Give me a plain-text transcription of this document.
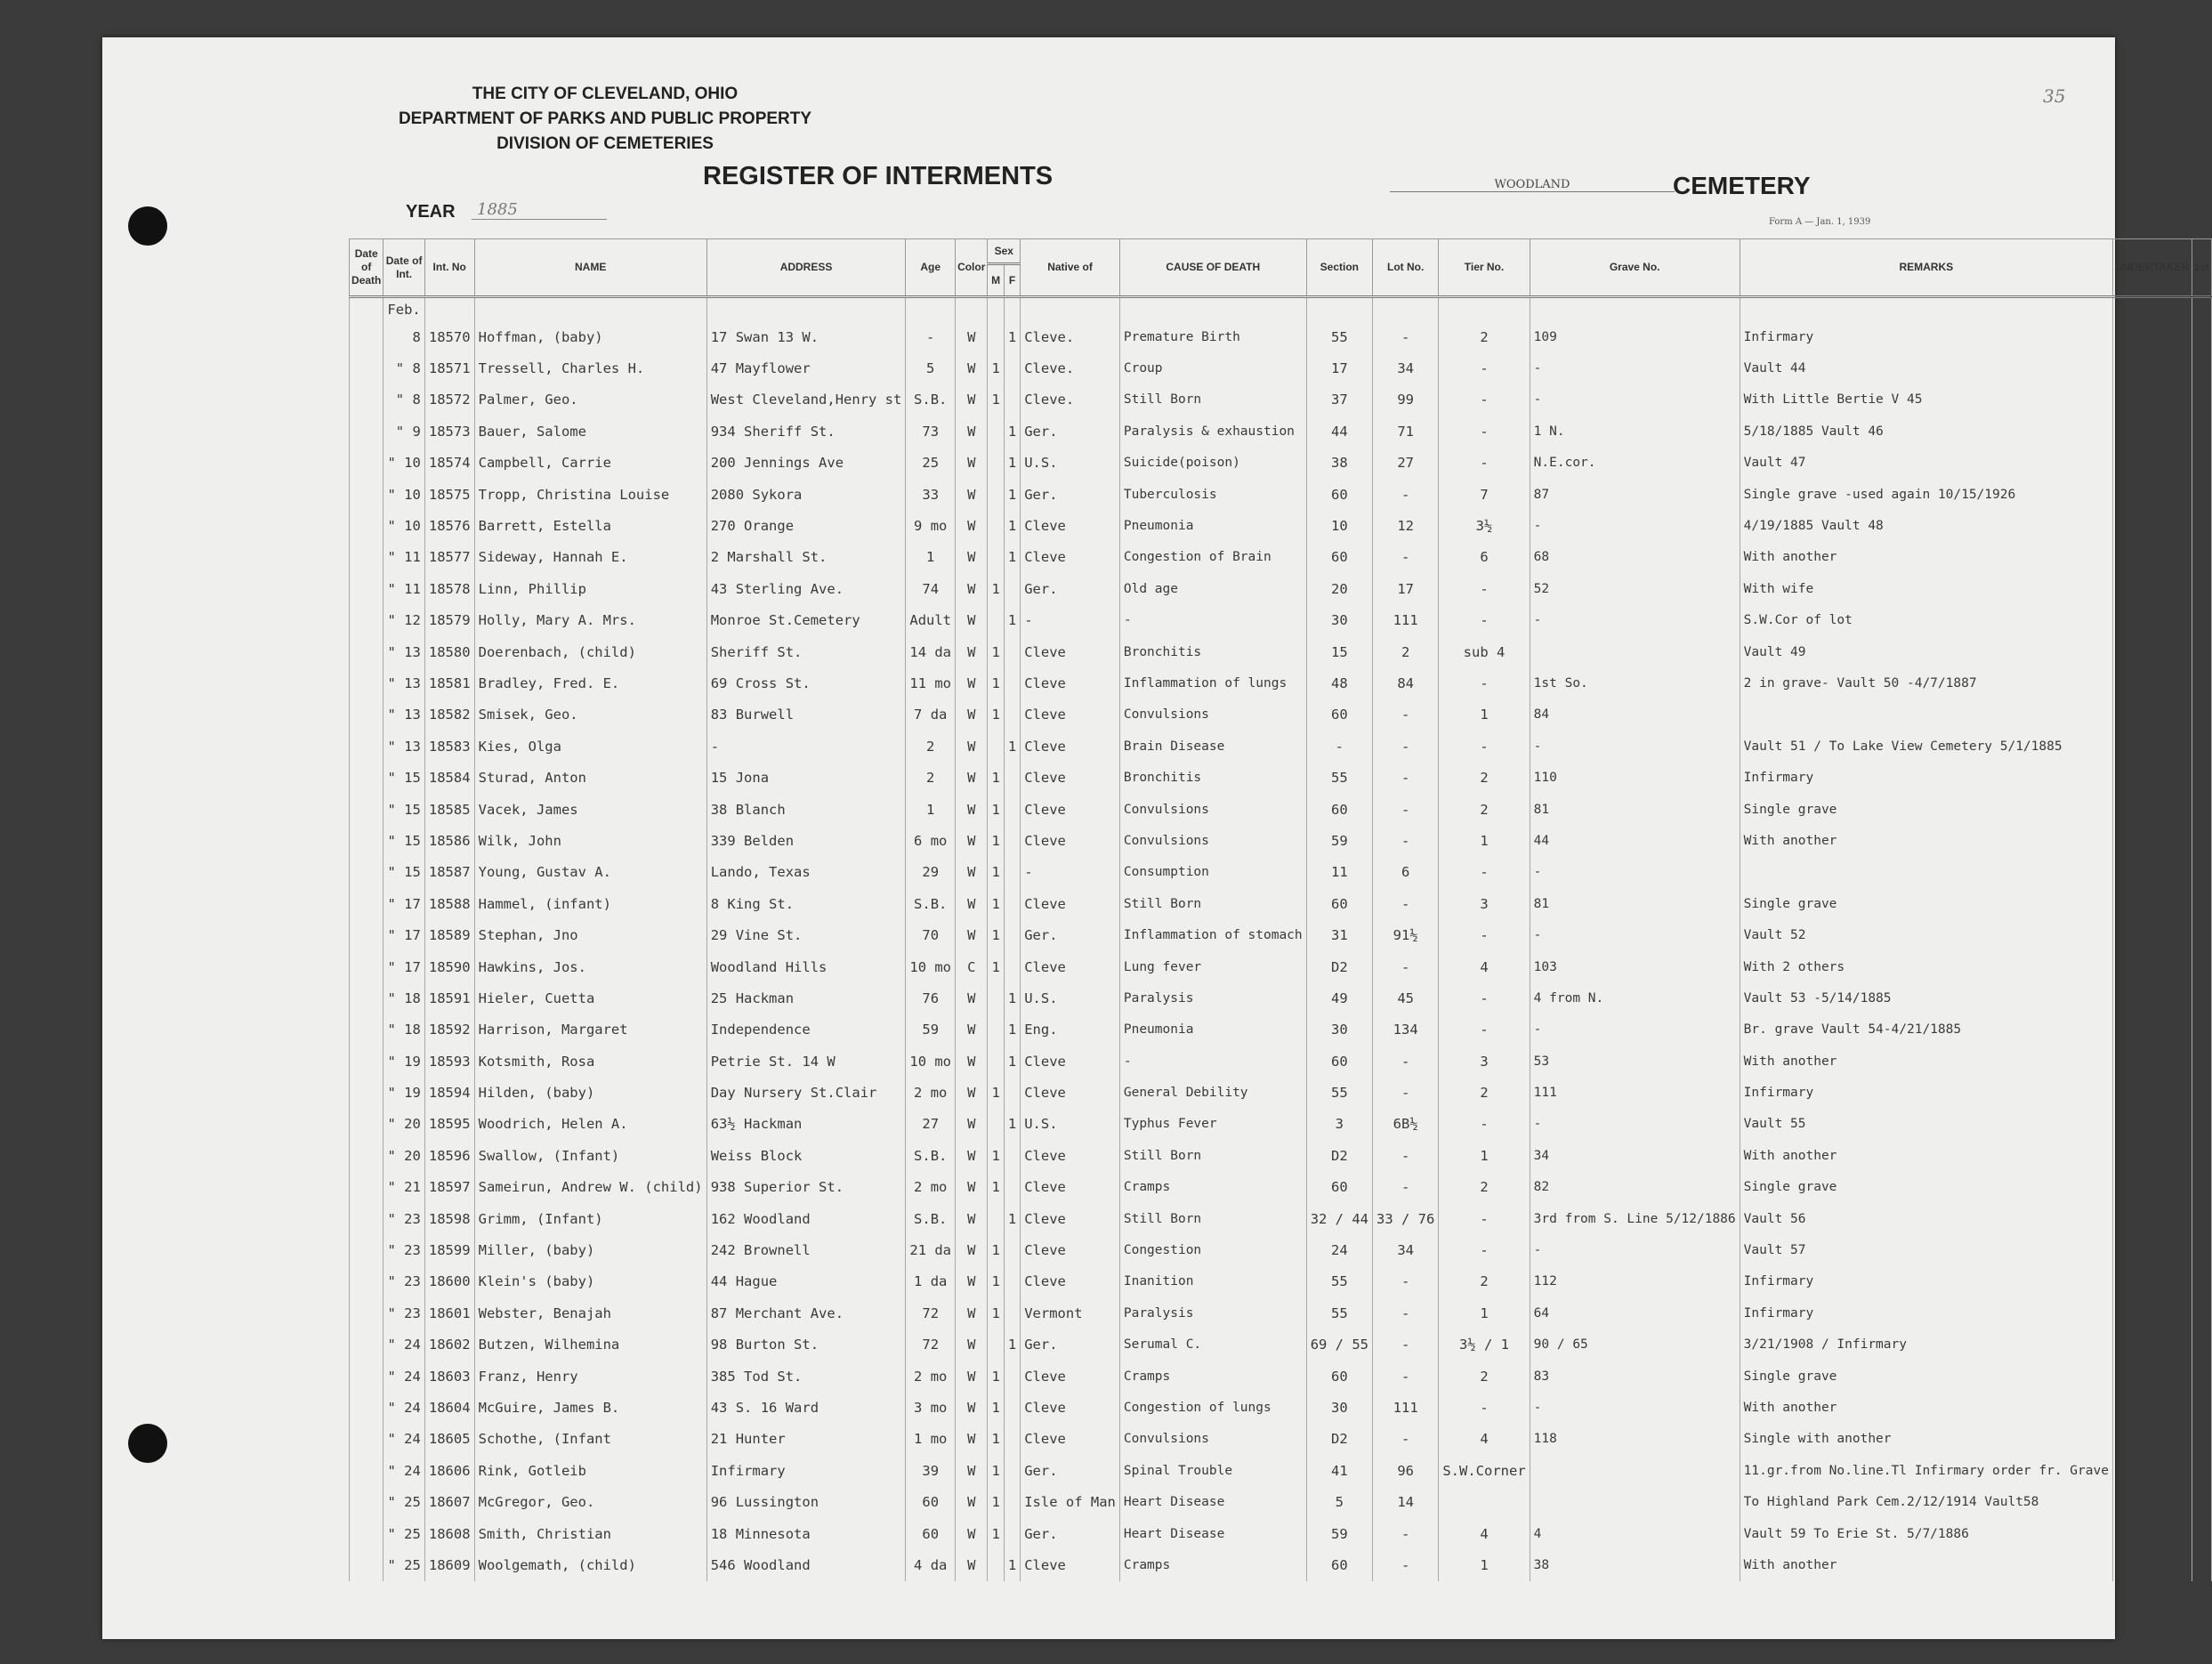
THE CITY OF CLEVELAND, OHIO
DEPARTMENT OF PARKS AND PUBLIC PROPERTY
DIVISION OF CEMETERIES
REGISTER OF INTERMENTS
YEAR	1885
WOODLAND	CEMETERY
Form A — Jan. 1, 1939
35
Date of Death	Date of Int.	Int. No	NAME	ADDRESS	Age	Color	Sex		Native of	CAUSE OF DEATH	Section	Lot No.	Tier No.	Grave No.	REMARKS	UNDERTAKER	1st
							M	F									
	Feb.																
	8	18570	Hoffman, (baby)	17 Swan 13 W.	-	W		1	Cleve.	Premature Birth	55	-	2	109	Infirmary		
	" 8	18571	Tressell, Charles H.	47 Mayflower	5	W	1		Cleve.	Croup	17	34	-	-	Vault 44		
	" 8	18572	Palmer, Geo.	West Cleveland,Henry st	S.B.	W	1		Cleve.	Still Born	37	99	-	-	With Little Bertie V 45		
	" 9	18573	Bauer, Salome	934 Sheriff St.	73	W		1	Ger.	Paralysis & exhaustion	44	71	-	1 N.	5/18/1885 Vault 46		
	" 10	18574	Campbell, Carrie	200 Jennings Ave	25	W		1	U.S.	Suicide(poison)	38	27	-	N.E.cor.	Vault 47		
	" 10	18575	Tropp, Christina Louise	2080 Sykora	33	W		1	Ger.	Tuberculosis	60	-	7	87	Single grave -used again 10/15/1926		
	" 10	18576	Barrett, Estella	270 Orange	9 mo	W		1	Cleve	Pneumonia	10	12	3½	-	4/19/1885 Vault 48		
	" 11	18577	Sideway, Hannah E.	2 Marshall St.	1	W		1	Cleve	Congestion of Brain	60	-	6	68	With another		
	" 11	18578	Linn, Phillip	43 Sterling Ave.	74	W	1		Ger.	Old age	20	17	-	52	With wife		
	" 12	18579	Holly, Mary A. Mrs.	Monroe St.Cemetery	Adult	W		1	-	-	30	111	-	-	S.W.Cor of lot		
	" 13	18580	Doerenbach, (child)	Sheriff St.	14 da	W	1		Cleve	Bronchitis	15	2	sub 4		Vault 49		
	" 13	18581	Bradley, Fred. E.	69 Cross St.	11 mo	W	1		Cleve	Inflammation of lungs	48	84	-	1st So.	2 in grave- Vault 50 -4/7/1887		
	" 13	18582	Smisek, Geo.	83 Burwell	7 da	W	1		Cleve	Convulsions	60	-	1	84			
	" 13	18583	Kies, Olga	-	2	W		1	Cleve	Brain Disease	-	-	-	-	Vault 51 / To Lake View Cemetery 5/1/1885		
	" 15	18584	Sturad, Anton	15 Jona	2	W	1		Cleve	Bronchitis	55	-	2	110	Infirmary		
	" 15	18585	Vacek, James	38 Blanch	1	W	1		Cleve	Convulsions	60	-	2	81	Single grave		
	" 15	18586	Wilk, John	339 Belden	6 mo	W	1		Cleve	Convulsions	59	-	1	44	With another		
	" 15	18587	Young, Gustav A.	Lando, Texas	29	W	1		-	Consumption	11	6	-	-			
	" 17	18588	Hammel, (infant)	8 King St.	S.B.	W	1		Cleve	Still Born	60	-	3	81	Single grave		
	" 17	18589	Stephan, Jno	29 Vine St.	70	W	1		Ger.	Inflammation of stomach	31	91½	-	-	Vault 52		
	" 17	18590	Hawkins, Jos.	Woodland Hills	10 mo	C	1		Cleve	Lung fever	D2	-	4	103	With 2 others		
	" 18	18591	Hieler, Cuetta	25 Hackman	76	W		1	U.S.	Paralysis	49	45	-	4 from N.	Vault 53 -5/14/1885		
	" 18	18592	Harrison, Margaret	Independence	59	W		1	Eng.	Pneumonia	30	134	-	-	Br. grave Vault 54-4/21/1885		
	" 19	18593	Kotsmith, Rosa	Petrie St. 14 W	10 mo	W		1	Cleve	-	60	-	3	53	With another		
	" 19	18594	Hilden, (baby)	Day Nursery St.Clair	2 mo	W	1		Cleve	General Debility	55	-	2	111	Infirmary		
	" 20	18595	Woodrich, Helen A.	63½ Hackman	27	W		1	U.S.	Typhus Fever	3	6B½	-	-	Vault 55		
	" 20	18596	Swallow, (Infant)	Weiss Block	S.B.	W	1		Cleve	Still Born	D2	-	1	34	With another		
	" 21	18597	Sameirun, Andrew W. (child)	938 Superior St.	2 mo	W	1		Cleve	Cramps	60	-	2	82	Single grave		
	" 23	18598	Grimm, (Infant)	162 Woodland	S.B.	W		1	Cleve	Still Born	32 / 44	33 / 76	-	3rd from S. Line 5/12/1886	Vault 56		
	" 23	18599	Miller, (baby)	242 Brownell	21 da	W	1		Cleve	Congestion	24	34	-	-	Vault 57		
	" 23	18600	Klein's (baby)	44 Hague	1 da	W	1		Cleve	Inanition	55	-	2	112	Infirmary		
	" 23	18601	Webster, Benajah	87 Merchant Ave.	72	W	1		Vermont	Paralysis	55	-	1	64	Infirmary		
	" 24	18602	Butzen, Wilhemina	98 Burton St.	72	W		1	Ger.	Serumal C.	69 / 55	-	3½ / 1	90 / 65	3/21/1908 / Infirmary		
	" 24	18603	Franz, Henry	385 Tod St.	2 mo	W	1		Cleve	Cramps	60	-	2	83	Single grave		
	" 24	18604	McGuire, James B.	43 S. 16 Ward	3 mo	W	1		Cleve	Congestion of lungs	30	111	-	-	With another		
	" 24	18605	Schothe, (Infant	21 Hunter	1 mo	W	1		Cleve	Convulsions	D2	-	4	118	Single with another		
	" 24	18606	Rink, Gotleib	Infirmary	39	W	1		Ger.	Spinal Trouble	41	96	S.W.Corner		11.gr.from No.line.Tl Infirmary order fr. Grave		
	" 25	18607	McGregor, Geo.	96 Lussington	60	W	1		Isle of Man	Heart Disease	5	14			To Highland Park Cem.2/12/1914 Vault58		
	" 25	18608	Smith, Christian	18 Minnesota	60	W	1		Ger.	Heart Disease	59	-	4	4	Vault 59 To Erie St. 5/7/1886		
	" 25	18609	Woolgemath, (child)	546 Woodland	4 da	W		1	Cleve	Cramps	60	-	1	38	With another		
